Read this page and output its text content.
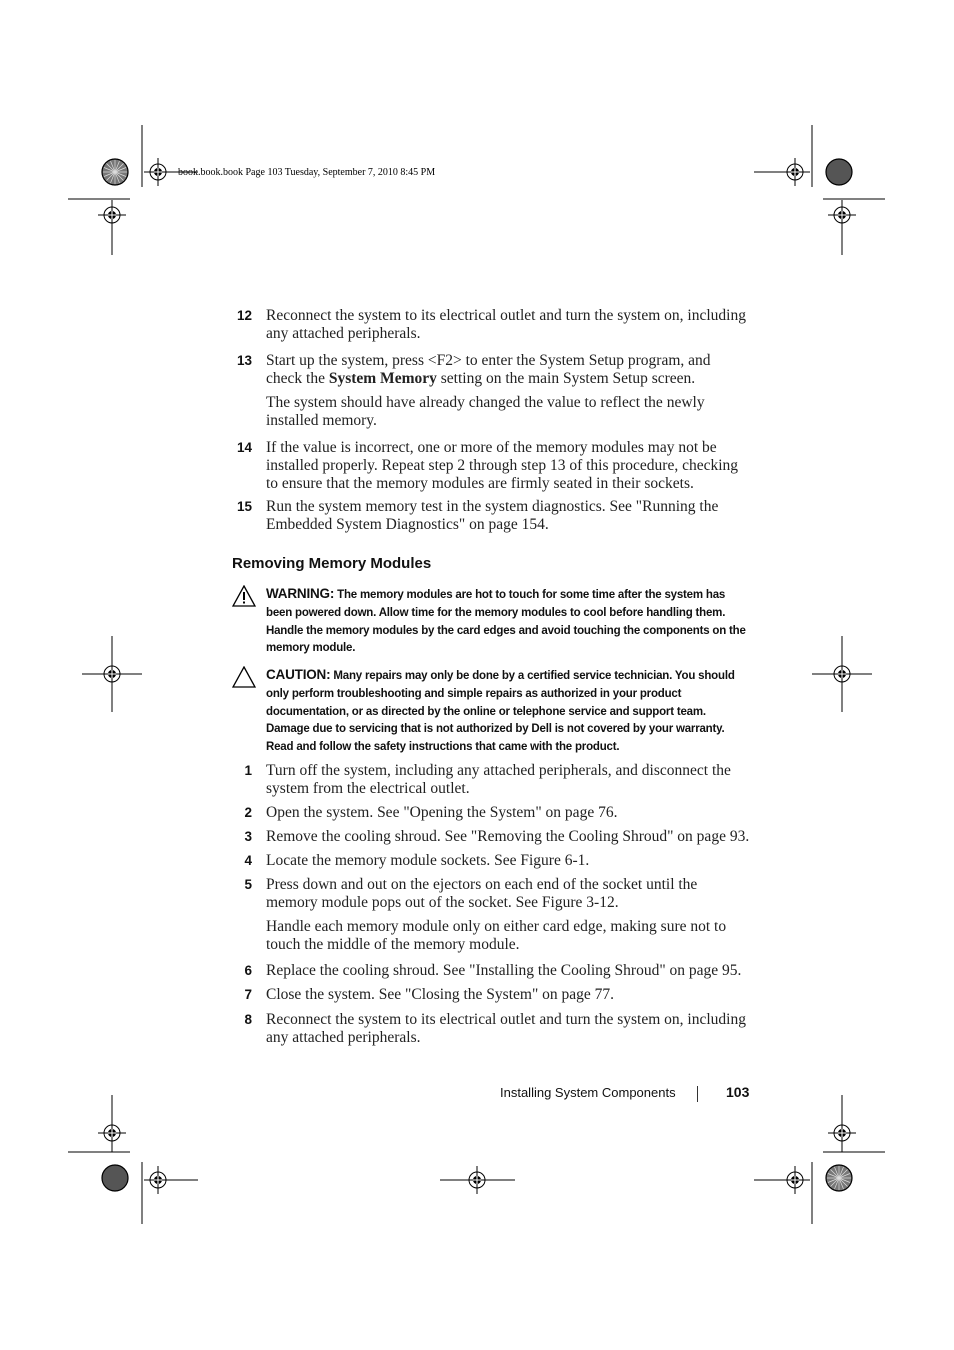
book.book.book Page 103 Tuesday, September 7, 2010 8:45 PM
12 Reconnect the system to its electrical outlet and turn the system on, including any attached peripherals.
13 Start up the system, press <F2> to enter the System Setup program, and check the System Memory setting on the main System Setup screen.
The system should have already changed the value to reflect the newly installed memory.
14 If the value is incorrect, one or more of the memory modules may not be installed properly. Repeat step 2 through step 13 of this procedure, checking to ensure that the memory modules are firmly seated in their sockets.
15 Run the system memory test in the system diagnostics. See "Running the Embedded System Diagnostics" on page 154.
Removing Memory Modules
WARNING: The memory modules are hot to touch for some time after the system has been powered down. Allow time for the memory modules to cool before handling them. Handle the memory modules by the card edges and avoid touching the components on the memory module.
CAUTION: Many repairs may only be done by a certified service technician. You should only perform troubleshooting and simple repairs as authorized in your product documentation, or as directed by the online or telephone service and support team. Damage due to servicing that is not authorized by Dell is not covered by your warranty. Read and follow the safety instructions that came with the product.
1 Turn off the system, including any attached peripherals, and disconnect the system from the electrical outlet.
2 Open the system. See "Opening the System" on page 76.
3 Remove the cooling shroud. See "Removing the Cooling Shroud" on page 93.
4 Locate the memory module sockets. See Figure 6-1.
5 Press down and out on the ejectors on each end of the socket until the memory module pops out of the socket. See Figure 3-12.
Handle each memory module only on either card edge, making sure not to touch the middle of the memory module.
6 Replace the cooling shroud. See "Installing the Cooling Shroud" on page 95.
7 Close the system. See "Closing the System" on page 77.
8 Reconnect the system to its electrical outlet and turn the system on, including any attached peripherals.
Installing System Components	103
